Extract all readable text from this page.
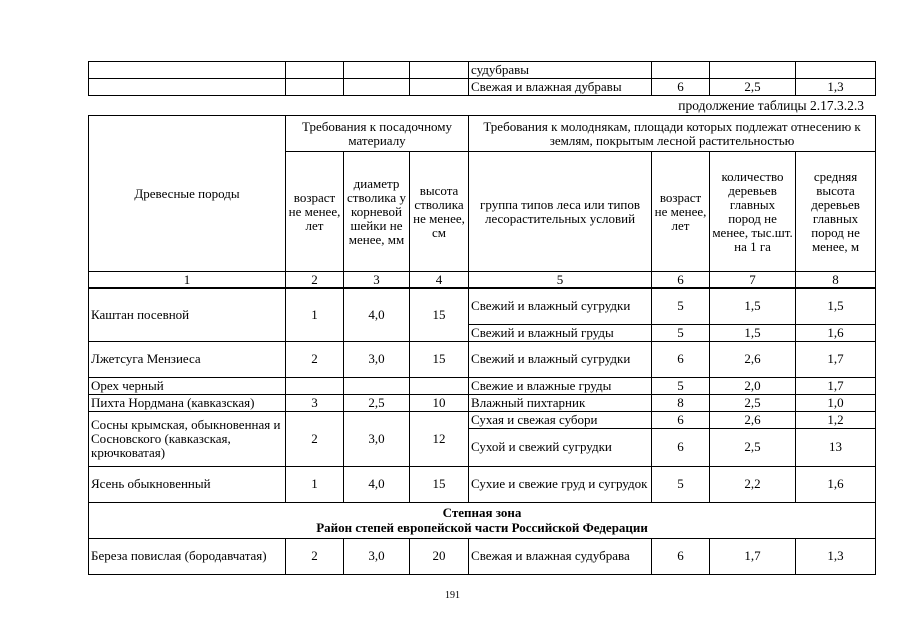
				судубравы			
				Свежая и влажная дубравы	6	2,5	1,3
продолжение таблицы 2.17.3.2.3
Древесные породы	Требования к посадочному материалу			Требования к молоднякам, площади которых подлежат отнесению к землям, покрытым лесной растительностью			
	возраст не менее, лет	диаметр стволика у корневой шейки не менее, мм	высота стволика не менее, см	группа типов леса или типов лесорастительных условий	возраст не менее, лет	количество деревьев главных пород не менее, тыс.шт. на 1 га	средняя высота деревьев главных пород не менее, м
1	2	3	4	5	6	7	8
Каштан посевной	1	4,0	15	Свежий и влажный сугрудки	5	1,5	1,5
				Свежий и влажный груды	5	1,5	1,6
Лжетсуга Мензиеса	2	3,0	15	Свежий и влажный сугрудки	6	2,6	1,7
Орех черный				Свежие и влажные груды	5	2,0	1,7
Пихта Нордмана (кавказская)	3	2,5	10	Влажный пихтарник	8	2,5	1,0
Сосны крымская, обыкновенная и Сосновского (кавказская, крючковатая)	2	3,0	12	Сухая и свежая субори	6	2,6	1,2
				Сухой и свежий сугрудки	6	2,5	13
Ясень обыкновенный	1	4,0	15	Сухие и свежие груд и сугрудок	5	2,2	1,6

Степная зона
Район степей европейской части Российской Федерации							

Береза повислая (бородавчатая)	2	3,0	20	Свежая и влажная судубрава	6	1,7	1,3
191
